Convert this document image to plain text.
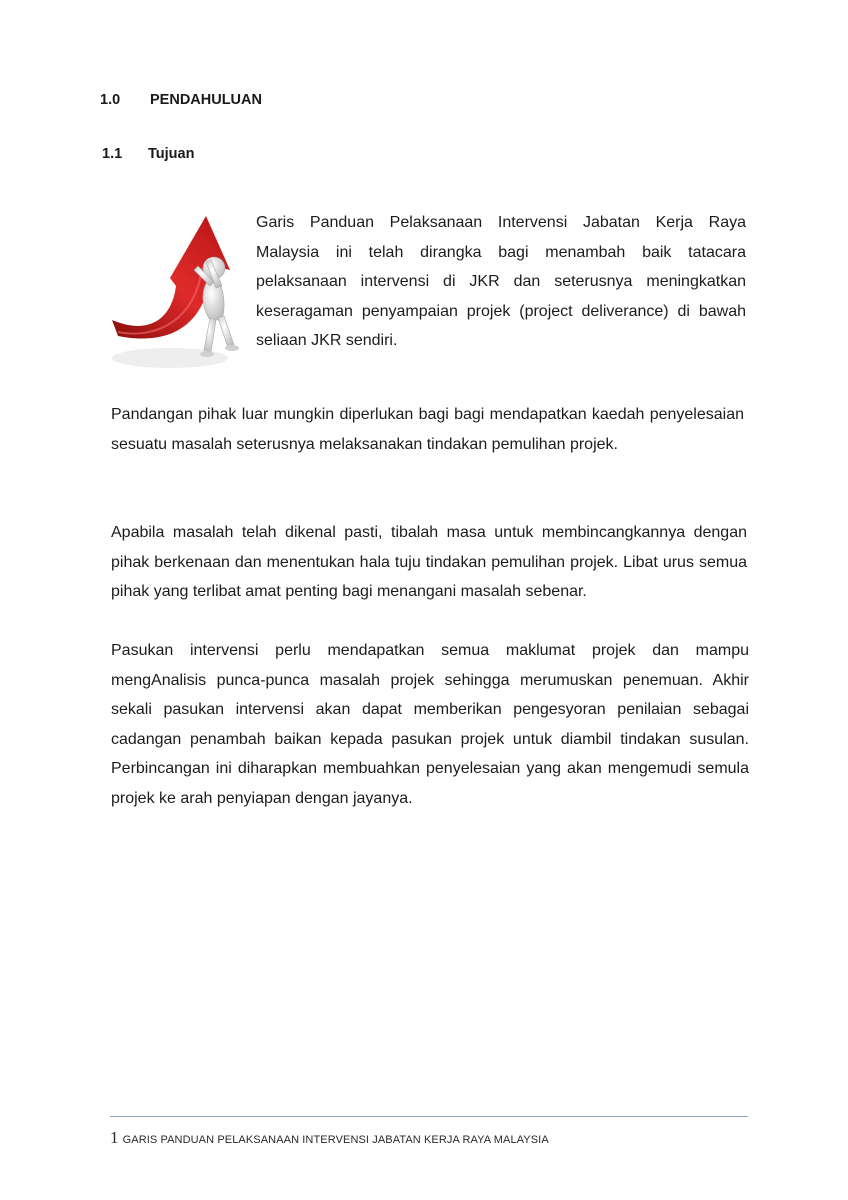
1.0 PENDAHULUAN
1.1 Tujuan

Garis Panduan Pelaksanaan Intervensi Jabatan Kerja Raya Malaysia ini telah dirangka bagi menambah baik tatacara pelaksanaan intervensi di JKR dan seterusnya meningkatkan keseragaman penyampaian projek (project deliverance) di bawah seliaan JKR sendiri.

Pandangan pihak luar mungkin diperlukan bagi bagi mendapatkan kaedah penyelesaian sesuatu masalah seterusnya melaksanakan tindakan pemulihan projek.

Apabila masalah telah dikenal pasti, tibalah masa untuk membincangkannya dengan pihak berkenaan dan menentukan hala tuju tindakan pemulihan projek. Libat urus semua pihak yang terlibat amat penting bagi menangani masalah sebenar.

Pasukan intervensi perlu mendapatkan semua maklumat projek dan mampu mengAnalisis punca-punca masalah projek sehingga merumuskan penemuan. Akhir sekali pasukan intervensi akan dapat memberikan pengesyoran penilaian sebagai cadangan penambah baikan kepada pasukan projek untuk diambil tindakan susulan. Perbincangan ini diharapkan membuahkan penyelesaian yang akan mengemudi semula projek ke arah penyiapan dengan jayanya.

1 GARIS PANDUAN PELAKSANAAN INTERVENSI JABATAN KERJA RAYA MALAYSIA
